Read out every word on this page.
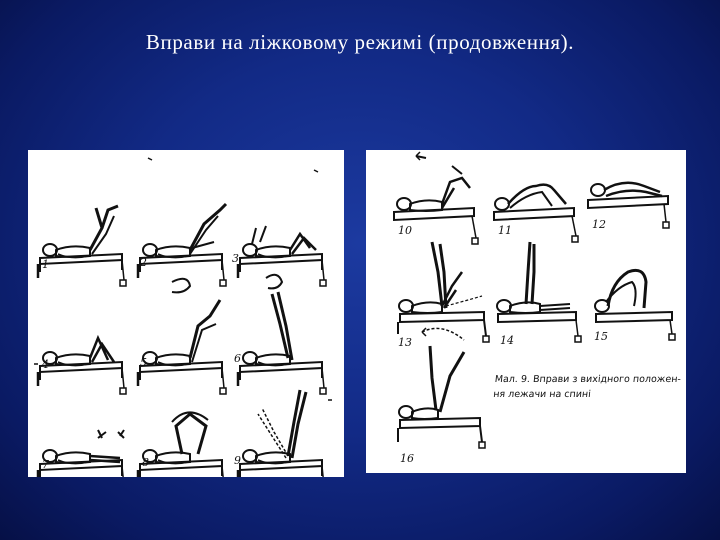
Вправи на ліжковому режимі (продовження).
1	2	3
4	5	6
7	8	9
10	11	12
13	14	15
16
Мал. 9. Вправи з вихідного положен-
ня лежачи на спині
